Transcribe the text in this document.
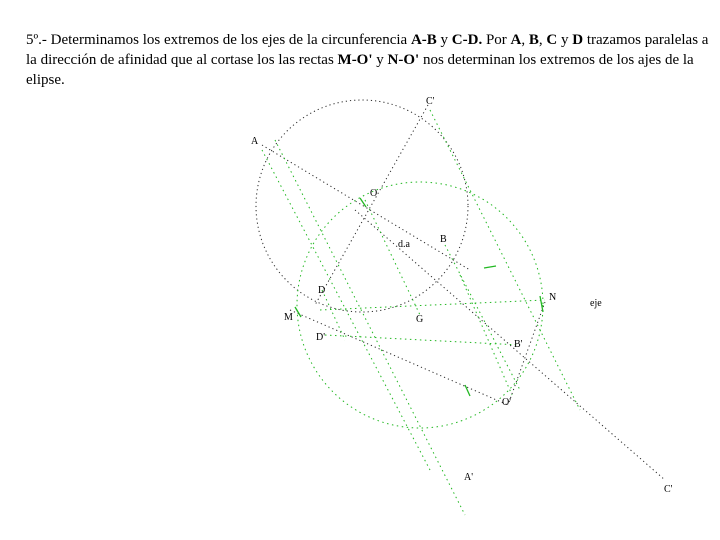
5º.- Determinamos los extremos de los ejes de la circunferencia A-B y C-D. Por A, B, C y D trazamos paralelas a la dirección de afinidad que al cortase los las rectas M-O' y N-O' nos determinan los extremos de los ajes de la elipse.

C'
A
O
B
d.a
D
N
eje
M	G
D'
B'
O'
A'
C'
